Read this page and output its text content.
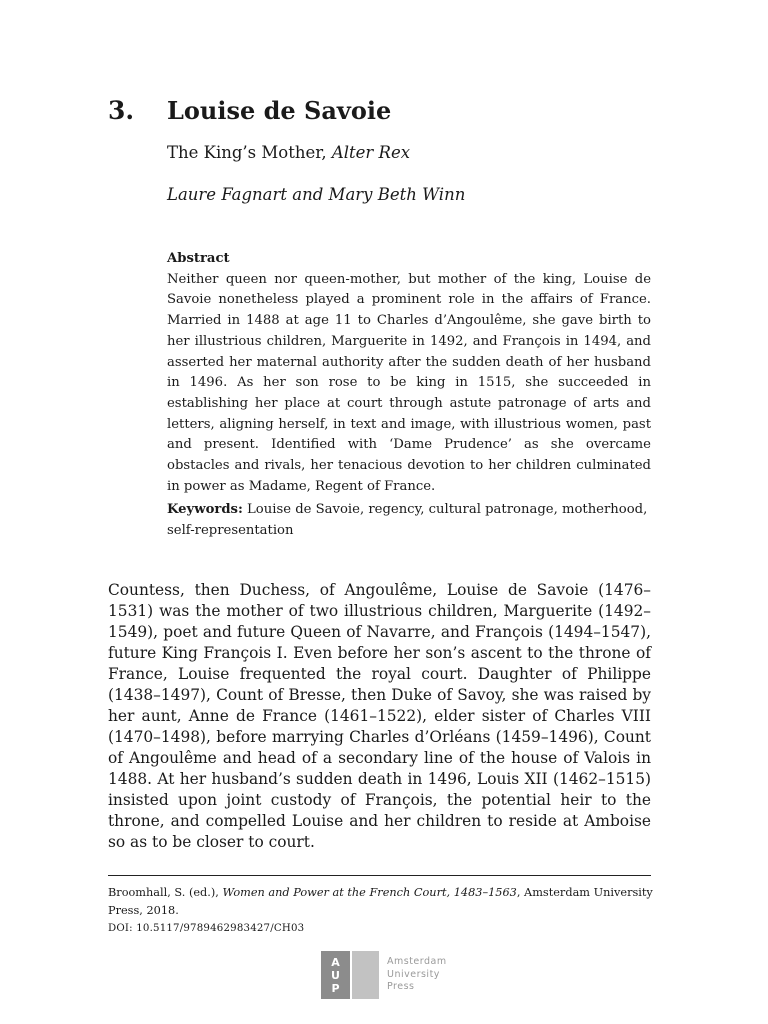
3. Louise de Savoie
The King’s Mother, Alter Rex
Laure Fagnart and Mary Beth Winn
Abstract
Neither queen nor queen-mother, but mother of the king, Louise de Savoie nonetheless played a prominent role in the affairs of France. Married in 1488 at age 11 to Charles d’Angoulême, she gave birth to her illustrious children, Marguerite in 1492, and François in 1494, and asserted her maternal authority after the sudden death of her husband in 1496. As her son rose to be king in 1515, she succeeded in establishing her place at court through astute patronage of arts and letters, aligning herself, in text and image, with illustrious women, past and present. Identified with ‘Dame Prudence’ as she overcame obstacles and rivals, her tenacious devotion to her children culminated in power as Madame, Regent of France.
Keywords: Louise de Savoie, regency, cultural patronage, motherhood, self-representation

Countess, then Duchess, of Angoulême, Louise de Savoie (1476–1531) was the mother of two illustrious children, Marguerite (1492–1549), poet and future Queen of Navarre, and François (1494–1547), future King François I. Even before her son’s ascent to the throne of France, Louise frequented the royal court. Daughter of Philippe (1438–1497), Count of Bresse, then Duke of Savoy, she was raised by her aunt, Anne de France (1461–1522), elder sister of Charles VIII (1470–1498), before marrying Charles d’Orléans (1459–1496), Count of Angoulême and head of a secondary line of the house of Valois in 1488. At her husband’s sudden death in 1496, Louis XII (1462–1515) insisted upon joint custody of François, the potential heir to the throne, and compelled Louise and her children to reside at Amboise so as to be closer to court.

Broomhall, S. (ed.), Women and Power at the French Court, 1483–1563, Amsterdam University Press, 2018.
DOI: 10.5117/9789462983427/CH03
A
U
P
Amsterdam
University
Press
